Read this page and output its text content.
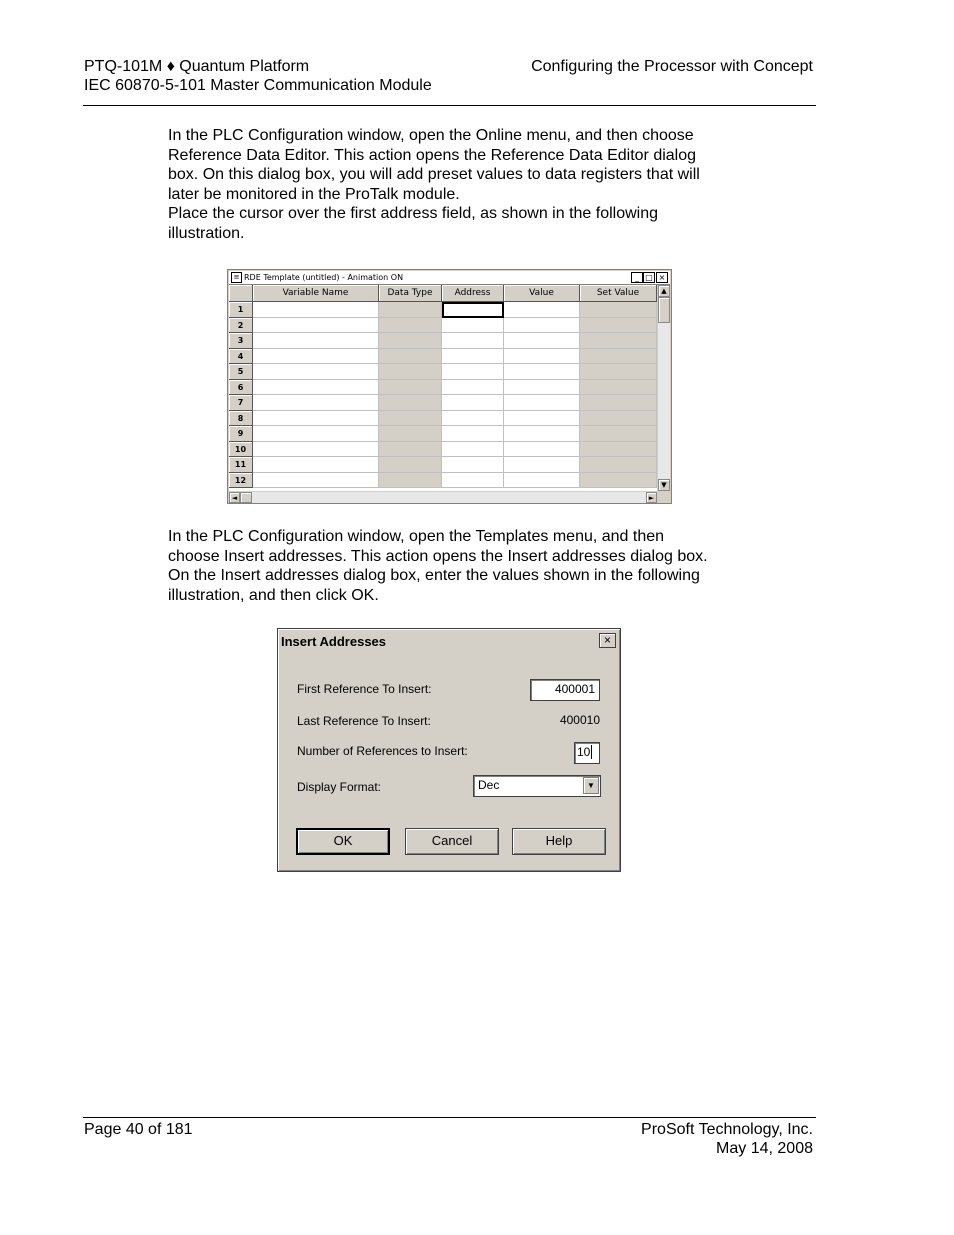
PTQ-101M ♦ Quantum Platform
IEC 60870-5-101 Master Communication Module
Configuring the Processor with Concept

In the PLC Configuration window, open the Online menu, and then choose

Reference Data Editor. This action opens the Reference Data Editor dialog

box. On this dialog box, you will add preset values to data registers that will

later be monitored in the ProTalk module.

Place the cursor over the first address field, as shown in the following

illustration.

≡ RDE Template (untitled) - Animation ON	_ □ ×
Variable Name	Data Type	Address	Value	Set Value
1
2
3
4
5
6
7
8
9
10
11
12
▲
▼
◄	►

In the PLC Configuration window, open the Templates menu, and then

choose Insert addresses. This action opens the Insert addresses dialog box.

On the Insert addresses dialog box, enter the values shown in the following

illustration, and then click OK.

Insert Addresses	×
First Reference To Insert:	400001
Last Reference To Insert:	400010
Number of References to Insert:	10
Display Format:	Dec	▼
OK	Cancel	Help
Page 40 of 181	ProSoft Technology, Inc.
May 14, 2008
